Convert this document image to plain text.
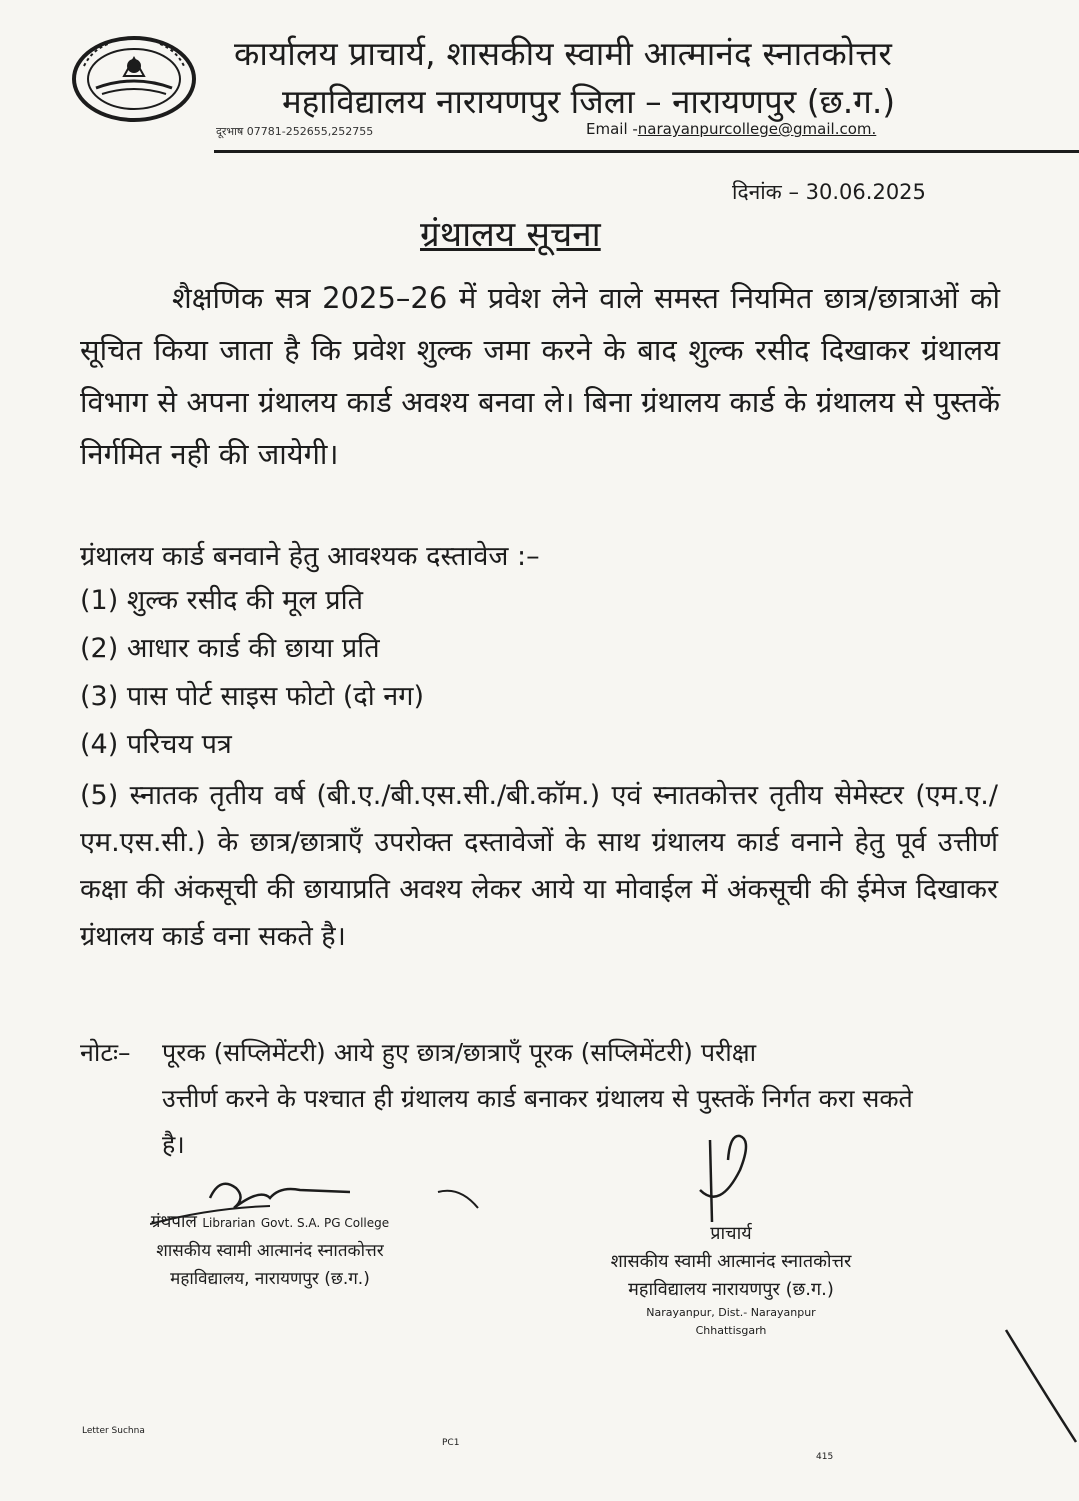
कार्यालय प्राचार्य, शासकीय स्वामी आत्मानंद स्नातकोत्तर
महाविद्यालय नारायणपुर जिला – नारायणपुर (छ.ग.)
दूरभाष 07781-252655,252755	Email -narayanpurcollege@gmail.com.
दिनांक – 30.06.2025
ग्रंथालय सूचना
शैक्षणिक सत्र 2025–26 में प्रवेश लेने वाले समस्त नियमित छात्र/छात्राओं को सूचित किया जाता है कि प्रवेश शुल्क जमा करने के बाद शुल्क रसीद दिखाकर ग्रंथालय विभाग से अपना ग्रंथालय कार्ड अवश्य बनवा ले। बिना ग्रंथालय कार्ड के ग्रंथालय से पुस्तकें निर्गमित नही की जायेगी।
ग्रंथालय कार्ड बनवाने हेतु आवश्यक दस्तावेज :–
(1) शुल्क रसीद की मूल प्रति
(2) आधार कार्ड की छाया प्रति
(3) पास पोर्ट साइस फोटो (दो नग)
(4) परिचय पत्र
(5) स्नातक तृतीय वर्ष (बी.ए./बी.एस.सी./बी.कॉम.) एवं स्नातकोत्तर तृतीय सेमेस्टर (एम.ए./एम.एस.सी.) के छात्र/छात्राएँ उपरोक्त दस्तावेजों के साथ ग्रंथालय कार्ड वनाने हेतु पूर्व उत्तीर्ण कक्षा की अंकसूची की छायाप्रति अवश्य लेकर आये या मोवाईल में अंकसूची की ईमेज दिखाकर ग्रंथालय कार्ड वना सकते है।
नोटः– पूरक (सप्लिमेंटरी) आये हुए छात्र/छात्राएँ पूरक (सप्लिमेंटरी) परीक्षा
उत्तीर्ण करने के पश्चात ही ग्रंथालय कार्ड बनाकर ग्रंथालय से पुस्तकें निर्गत करा सकते है।
ग्रंथपाल Librarian Govt. S.A. PG College
शासकीय स्वामी आत्मानंद स्नातकोत्तर
महाविद्यालय, नारायणपुर (छ.ग.)
प्राचार्य
शासकीय स्वामी आत्मानंद स्नातकोत्तर
महाविद्यालय नारायणपुर (छ.ग.)
Narayanpur, Dist.- Narayanpur
Chhattisgarh
Letter Suchna
PC1
415
